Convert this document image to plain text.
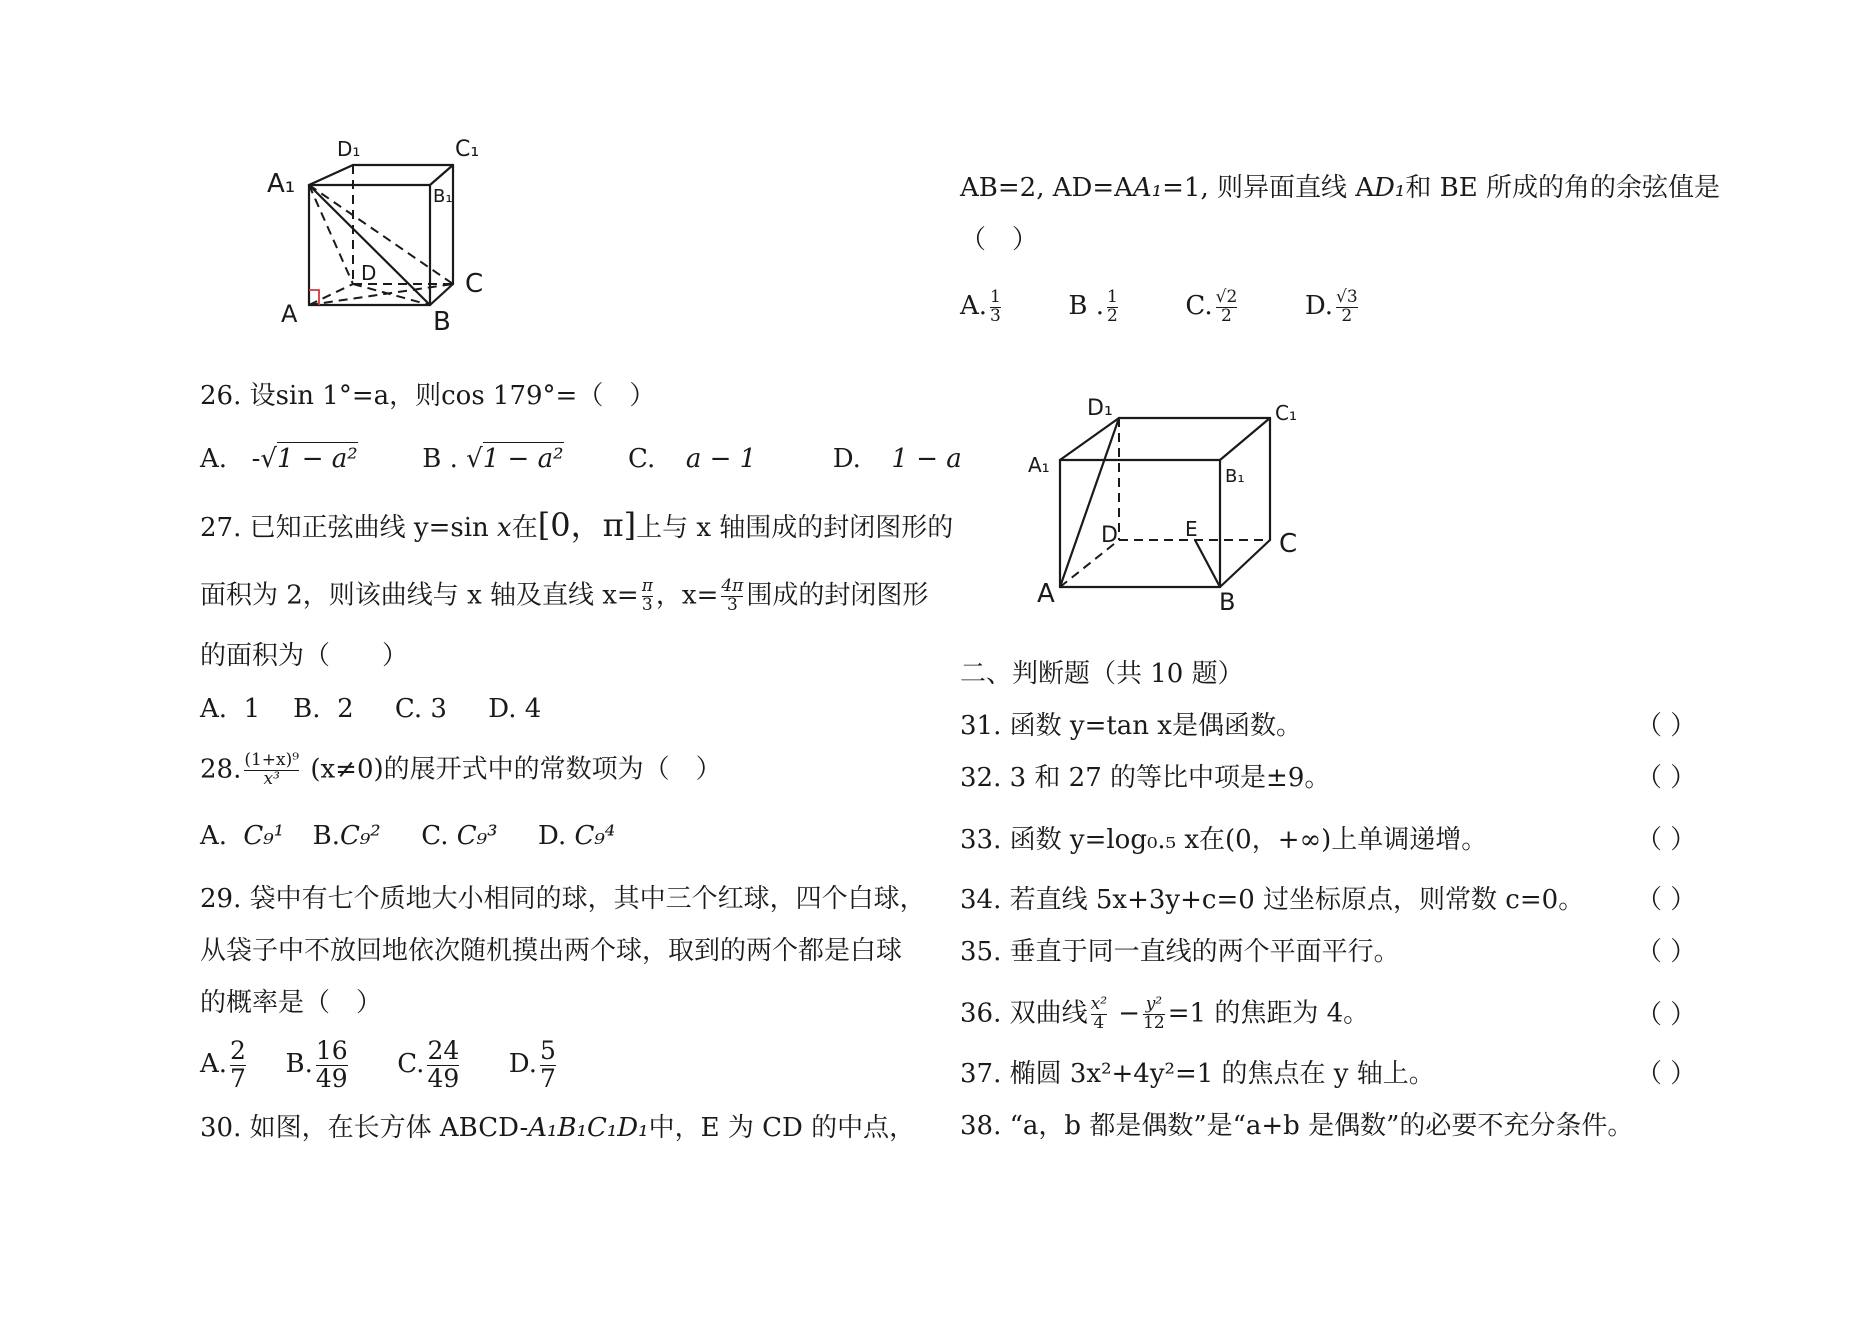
A₁
D₁	C₁
B₁
A
D	C
B
D₁	C₁
A₁	B₁
D	E	C
A	B
26. 设sin 1°=a，则cos 179°=（　）
A. -√1 − a² B . √1 − a² C. a − 1	D. 1 − a
27. 已知正弦曲线 y=sin x在[0，π]上与 x 轴围成的封闭图形的
面积为 2，则该曲线与 x 轴及直线 $x= \frac{\pi}{3}$ ，$x= \frac{4\pi}{3}$ 围成的封闭图形
的面积为（　　）
A.  1    B.  2     C. 3     D. 4
28. $\frac{\text{(1+x)⁹}}{\text{x³}} (x\ne 0)$的展开式中的常数项为（　）
A. C₉¹ B.C₉² C. C₉³ D. C₉⁴
29. 袋中有七个质地大小相同的球，其中三个红球，四个白球，
从袋子中不放回地依次随机摸出两个球，取到的两个都是白球
的概率是（　）
A. $\frac{2}{7} B$. $\frac{16}{49} C$. $\frac{24}{49} D$. $\frac{5}{7}$
30. 如图，在长方体 ABCD-A₁B₁C₁D₁中，E 为 CD 的中点，
AB=2, AD=AA₁=1, 则异面直线 AD₁和 BE 所成的角的余弦值是
（　）
A. $\frac{1}{3}$	B . $\frac{1}{2}$	C. $\frac{√2}{2}$	D. $\frac{√3}{2}$
二、判断题（共 10 题）
31. 函数 y=tan x是偶函数。	（ ）
32. 3 和 27 的等比中项是±9。	（ ）
33. 函数 y=log₀.₅ x在(0，+∞)上单调递增。	（ ）
34. 若直线 5x+3y+c=0 过坐标原点，则常数 c=0。 （ ）
35. 垂直于同一直线的两个平面平行。	（ ）
36. 双曲线 $\frac{\text{x²}}{4} - \frac{\text{y²}}{12} =1$ 的焦距为 4。	（ ）
37. 椭圆 3x²+4y²=1 的焦点在 y 轴上。	（ ）
38. “a，b 都是偶数”是“a+b 是偶数”的必要不充分条件。
